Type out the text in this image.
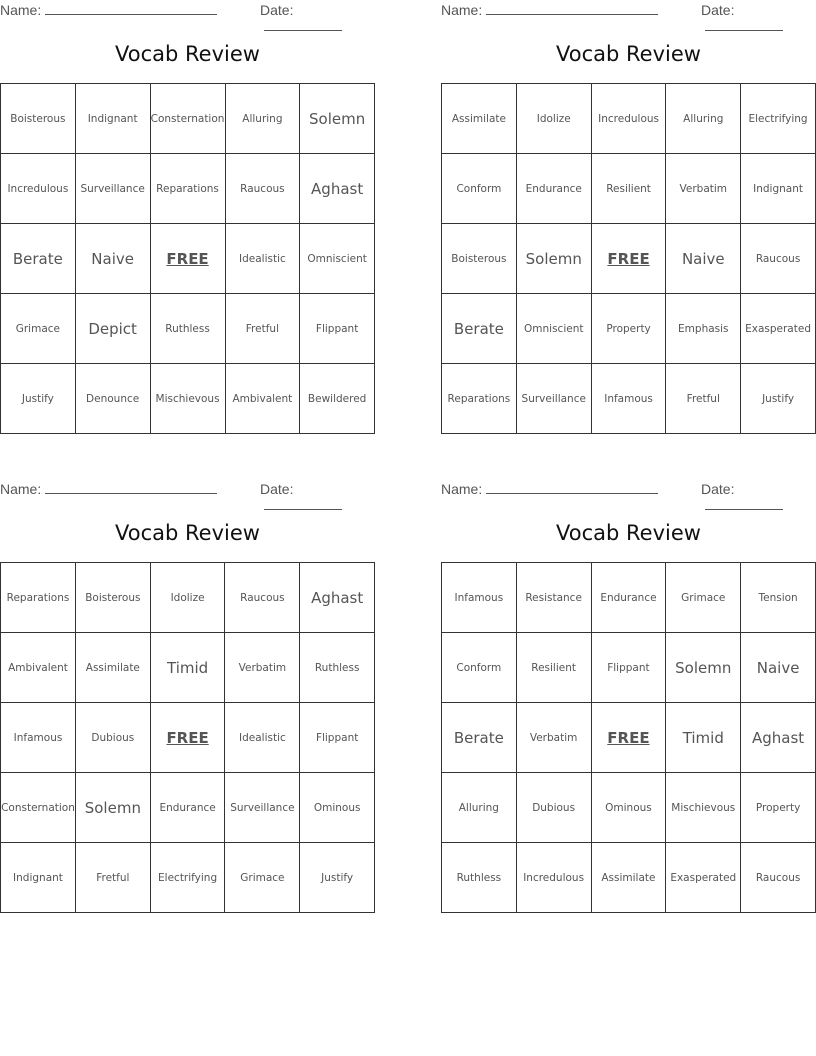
Name:	Date:
Vocab Review
Boisterous	Indignant	Consternation	Alluring	Solemn
Incredulous	Surveillance	Reparations	Raucous	Aghast
Berate	Naive	FREE	Idealistic	Omniscient
Grimace	Depict	Ruthless	Fretful	Flippant
Justify	Denounce	Mischievous	Ambivalent	Bewildered
Name:	Date:
Vocab Review
Assimilate	Idolize	Incredulous	Alluring	Electrifying
Conform	Endurance	Resilient	Verbatim	Indignant
Boisterous	Solemn	FREE	Naive	Raucous
Berate	Omniscient	Property	Emphasis	Exasperated
Reparations	Surveillance	Infamous	Fretful	Justify
Name:	Date:
Vocab Review
Reparations	Boisterous	Idolize	Raucous	Aghast
Ambivalent	Assimilate	Timid	Verbatim	Ruthless
Infamous	Dubious	FREE	Idealistic	Flippant
Consternation	Solemn	Endurance	Surveillance	Ominous
Indignant	Fretful	Electrifying	Grimace	Justify
Name:	Date:
Vocab Review
Infamous	Resistance	Endurance	Grimace	Tension
Conform	Resilient	Flippant	Solemn	Naive
Berate	Verbatim	FREE	Timid	Aghast
Alluring	Dubious	Ominous	Mischievous	Property
Ruthless	Incredulous	Assimilate	Exasperated	Raucous
